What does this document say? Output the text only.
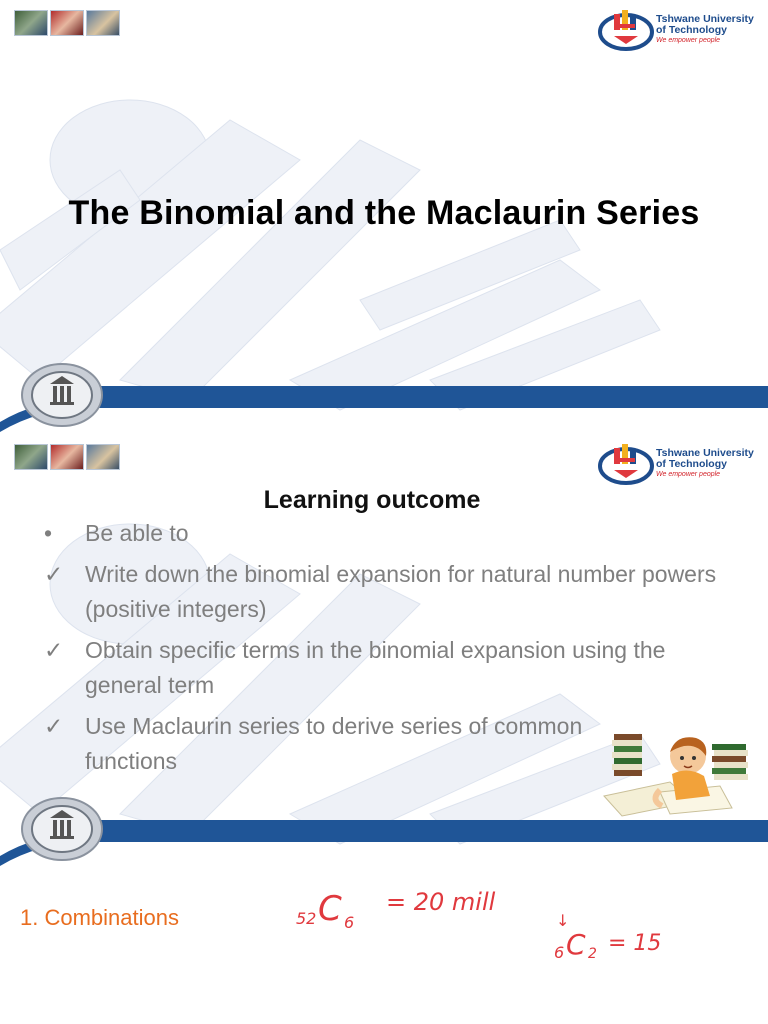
Tshwane University
of Technology
We empower people
The Binomial and the Maclaurin Series
Tshwane University
of Technology
We empower people
Learning outcome
• Be able to
✓ Write down the binomial expansion for natural number powers (positive integers)
✓ Obtain specific terms in the binomial expansion using the general term
✓ Use Maclaurin series to derive series of common functions
1. Combinations	52 C 6
= 20 mill
↓
6 C 2 = 15
